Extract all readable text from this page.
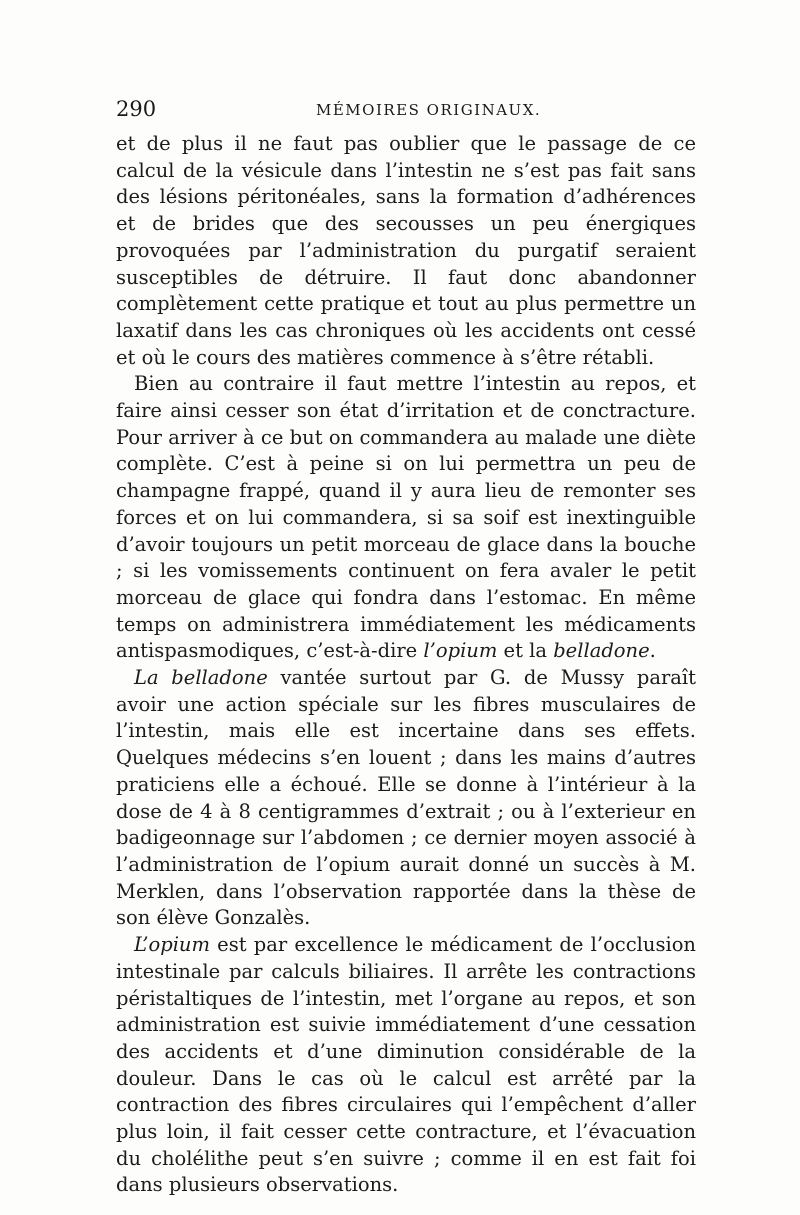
290	MÉMOIRES ORIGINAUX.

et de plus il ne faut pas oublier que le passage de ce calcul de la vésicule dans l’intestin ne s’est pas fait sans des lésions péritonéales, sans la formation d’adhérences et de brides que des secousses un peu énergiques provoquées par l’administration du purgatif seraient susceptibles de détruire. Il faut donc abandonner complètement cette pratique et tout au plus permettre un laxatif dans les cas chroniques où les accidents ont cessé et où le cours des matières commence à s’être rétabli.

Bien au contraire il faut mettre l’intestin au repos, et faire ainsi cesser son état d’irritation et de conctracture. Pour arriver à ce but on commandera au malade une diète complète. C’est à peine si on lui permettra un peu de champagne frappé, quand il y aura lieu de remonter ses forces et on lui commandera, si sa soif est inextinguible d’avoir toujours un petit morceau de glace dans la bouche ; si les vomissements continuent on fera avaler le petit morceau de glace qui fondra dans l’estomac. En même temps on administrera immédiatement les médicaments antispasmodiques, c’est-à-dire l’opium et la belladone.

La belladone vantée surtout par G. de Mussy paraît avoir une action spéciale sur les fibres musculaires de l’intestin, mais elle est incertaine dans ses effets. Quelques médecins s’en louent ; dans les mains d’autres praticiens elle a échoué. Elle se donne à l’intérieur à la dose de 4 à 8 centigrammes d’extrait ; ou à l’exterieur en badigeonnage sur l’abdomen ; ce dernier moyen associé à l’administration de l’opium aurait donné un succès à M. Merklen, dans l’observation rapportée dans la thèse de son élève Gonzalès.

L’opium est par excellence le médicament de l’occlusion intestinale par calculs biliaires. Il arrête les contractions péristaltiques de l’intestin, met l’organe au repos, et son administration est suivie immédiatement d’une cessation des accidents et d’une diminution considérable de la douleur. Dans le cas où le calcul est arrêté par la contraction des fibres circulaires qui l’empêchent d’aller plus loin, il fait cesser cette contracture, et l’évacuation du cholélithe peut s’en suivre ; comme il en est fait foi dans plusieurs observations.
